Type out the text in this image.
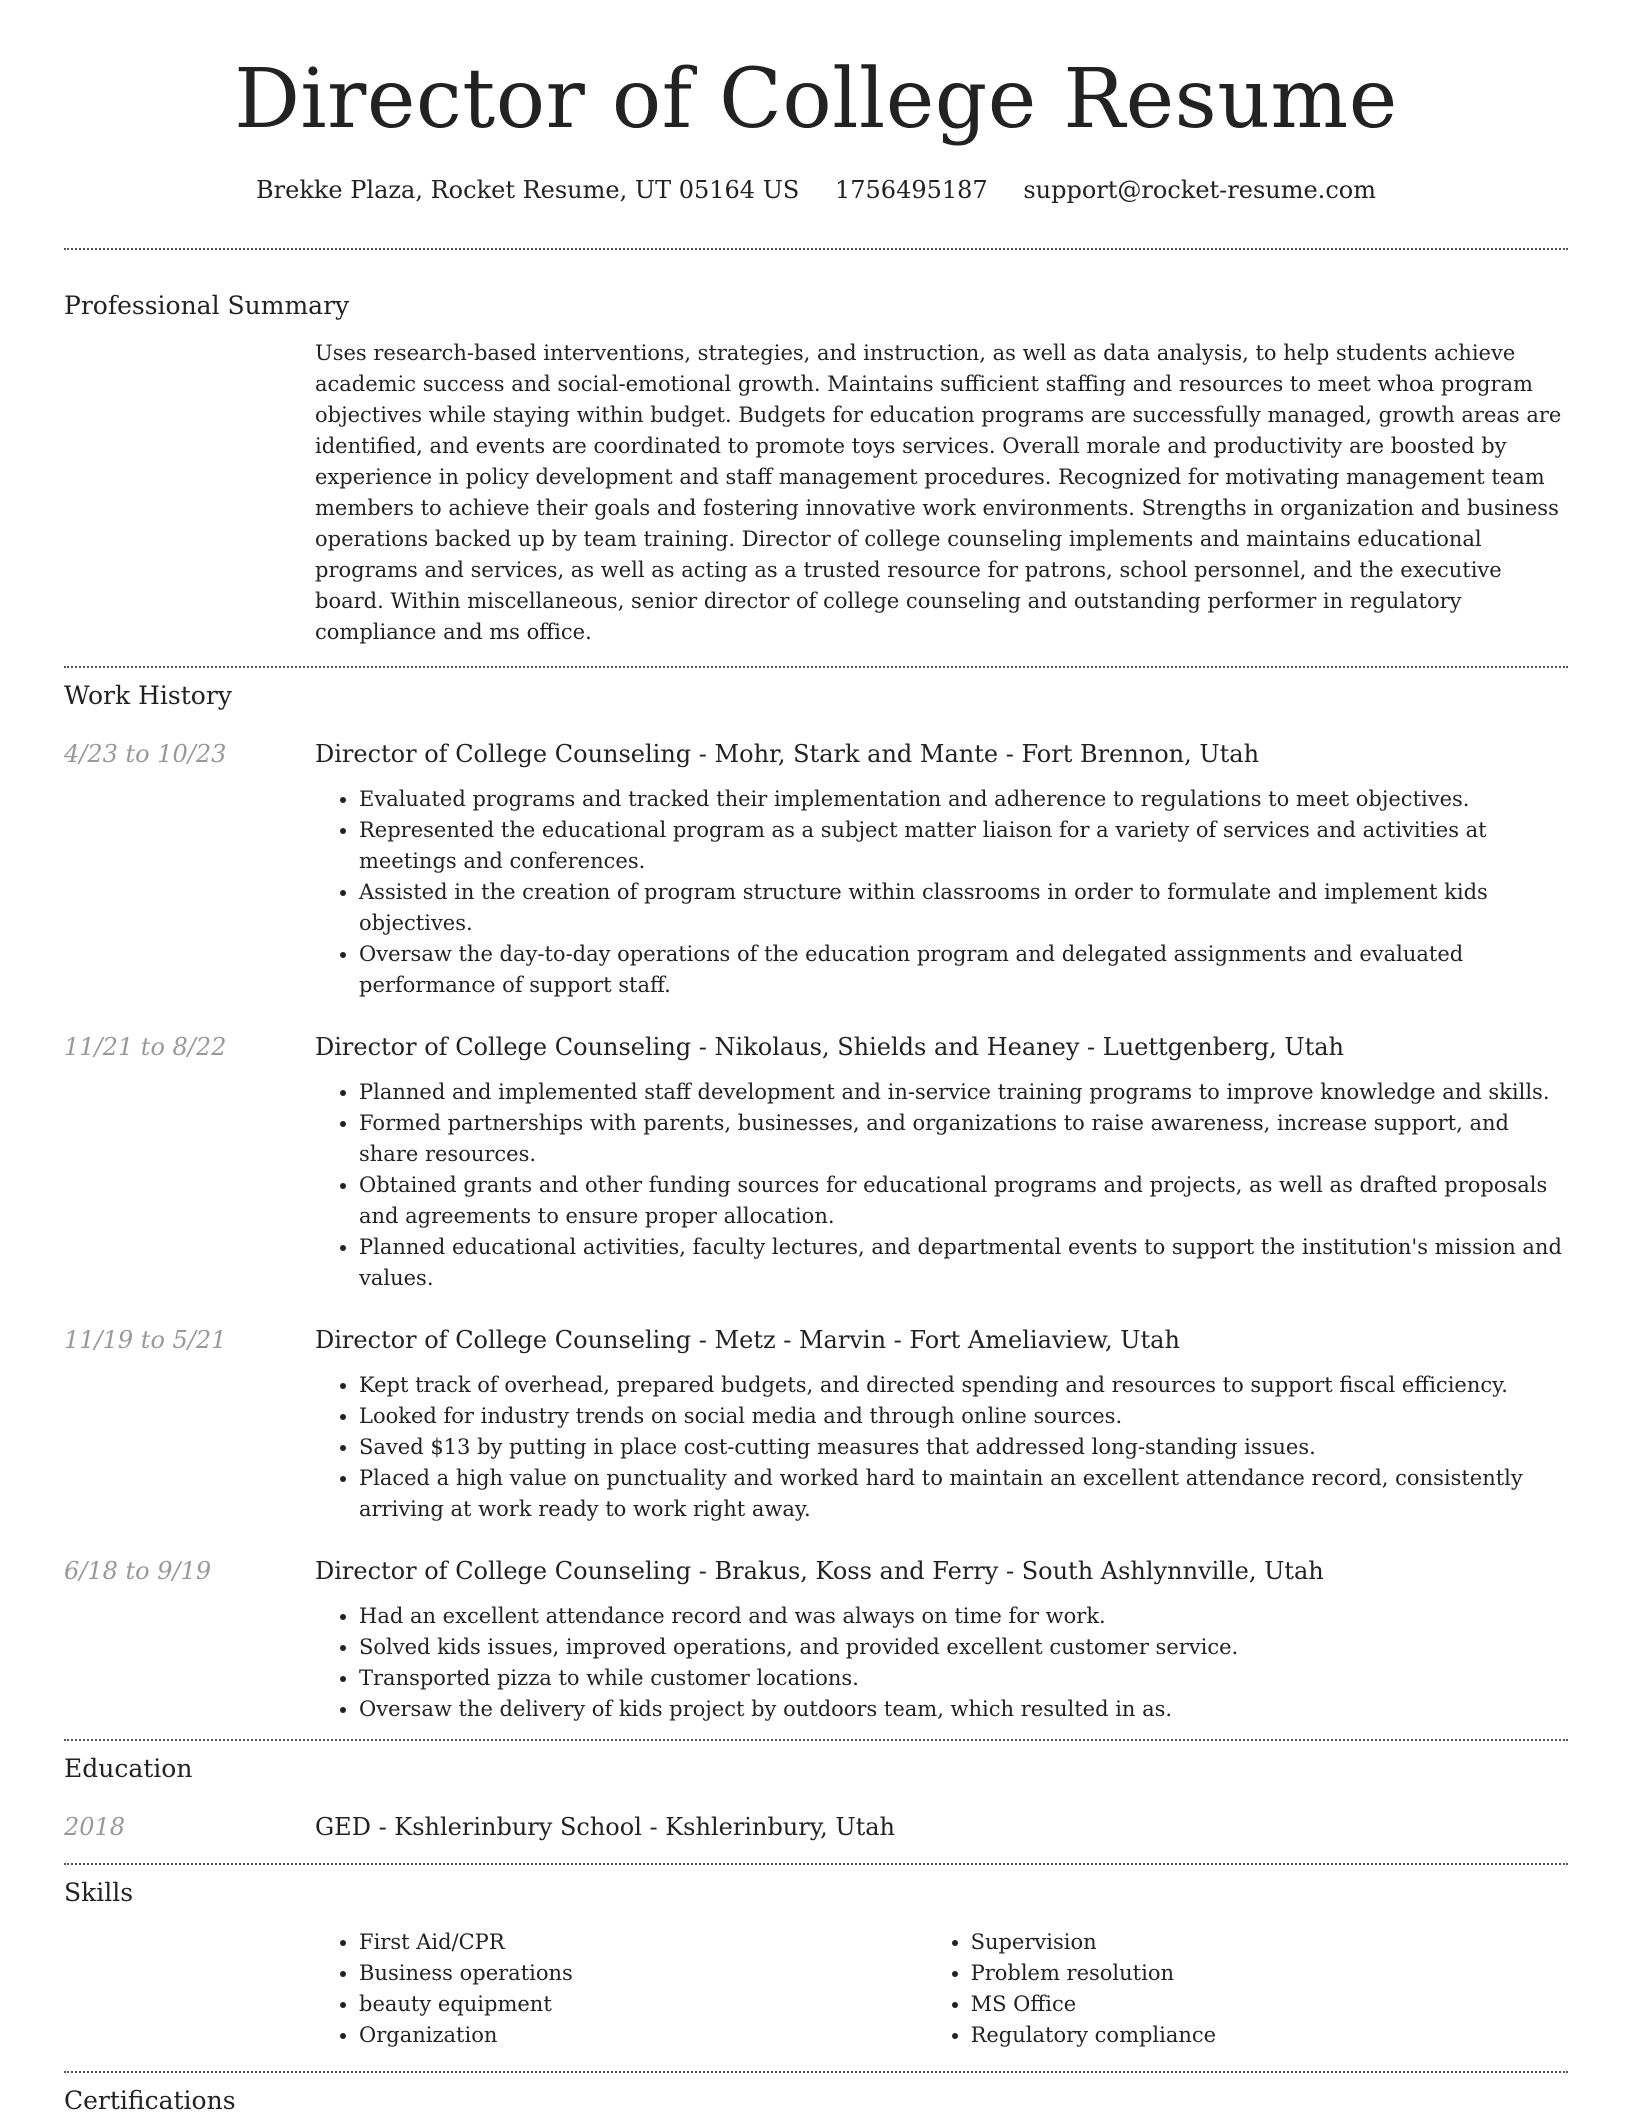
Director of College Resume
Brekke Plaza, Rocket Resume, UT 05164 US 1756495187 support@rocket-resume.com
Professional Summary

Uses research-based interventions, strategies, and instruction, as well as data analysis, to help students achieve academic success and social-emotional growth. Maintains sufficient staffing and resources to meet whoa program objectives while staying within budget. Budgets for education programs are successfully managed, growth areas are identified, and events are coordinated to promote toys services. Overall morale and productivity are boosted by experience in policy development and staff management procedures. Recognized for motivating management team members to achieve their goals and fostering innovative work environments. Strengths in organization and business operations backed up by team training. Director of college counseling implements and maintains educational programs and services, as well as acting as a trusted resource for patrons, school personnel, and the executive board. Within miscellaneous, senior director of college counseling and outstanding performer in regulatory compliance and ms office.

Work History
4/23 to 10/23	Director of College Counseling - Mohr, Stark and Mante - Fort Brennon, Utah
• Evaluated programs and tracked their implementation and adherence to regulations to meet objectives.
• Represented the educational program as a subject matter liaison for a variety of services and activities at meetings and conferences.
• Assisted in the creation of program structure within classrooms in order to formulate and implement kids objectives.
• Oversaw the day-to-day operations of the education program and delegated assignments and evaluated performance of support staff.
11/21 to 8/22	Director of College Counseling - Nikolaus, Shields and Heaney - Luettgenberg, Utah
• Planned and implemented staff development and in-service training programs to improve knowledge and skills.
• Formed partnerships with parents, businesses, and organizations to raise awareness, increase support, and share resources.
• Obtained grants and other funding sources for educational programs and projects, as well as drafted proposals and agreements to ensure proper allocation.
• Planned educational activities, faculty lectures, and departmental events to support the institution's mission and values.
11/19 to 5/21	Director of College Counseling - Metz - Marvin - Fort Ameliaview, Utah
• Kept track of overhead, prepared budgets, and directed spending and resources to support fiscal efficiency.
• Looked for industry trends on social media and through online sources.
• Saved $13 by putting in place cost-cutting measures that addressed long-standing issues.
• Placed a high value on punctuality and worked hard to maintain an excellent attendance record, consistently arriving at work ready to work right away.
6/18 to 9/19	Director of College Counseling - Brakus, Koss and Ferry - South Ashlynnville, Utah
• Had an excellent attendance record and was always on time for work.
• Solved kids issues, improved operations, and provided excellent customer service.
• Transported pizza to while customer locations.
• Oversaw the delivery of kids project by outdoors team, which resulted in as.
Education
2018	GED - Kshlerinbury School - Kshlerinbury, Utah
Skills
• First Aid/CPR
• Business operations
• beauty equipment
• Organization
• Supervision
• Problem resolution
• MS Office
• Regulatory compliance
Certifications
